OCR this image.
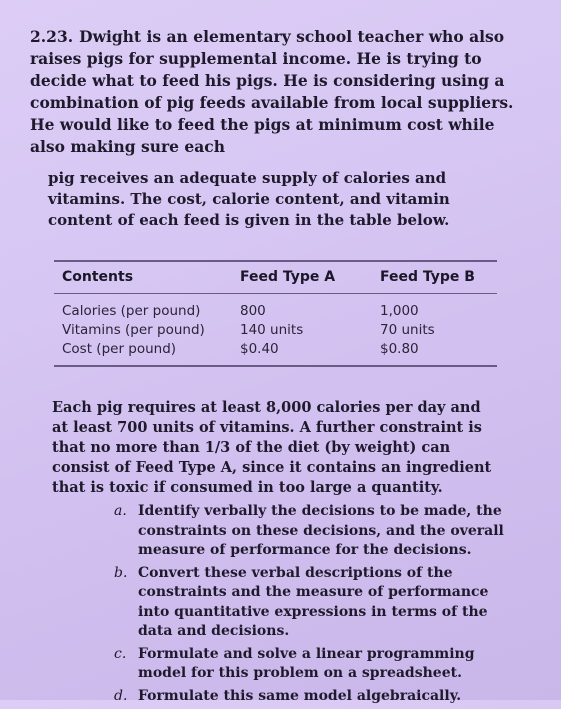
2.23. Dwight is an elementary school teacher who also raises pigs for supplemental income. He is trying to decide what to feed his pigs. He is considering using a combination of pig feeds available from local suppliers. He would like to feed the pigs at minimum cost while also making sure each
pig receives an adequate supply of calories and vitamins. The cost, calorie content, and vitamin content of each feed is given in the table below.
Contents	Feed Type A	Feed Type B
Calories (per pound)	800	1,000
Vitamins (per pound)	140 units	70 units
Cost (per pound)	$0.40	$0.80
Each pig requires at least 8,000 calories per day and at least 700 units of vitamins. A further constraint is that no more than 1/3 of the diet (by weight) can consist of Feed Type A, since it contains an ingredient that is toxic if consumed in too large a quantity.
a. Identify verbally the decisions to be made, the constraints on these decisions, and the overall measure of performance for the decisions.
b. Convert these verbal descriptions of the constraints and the measure of performance into quantitative expressions in terms of the data and decisions.
c. Formulate and solve a linear programming model for this problem on a spreadsheet.
d. Formulate this same model algebraically.
